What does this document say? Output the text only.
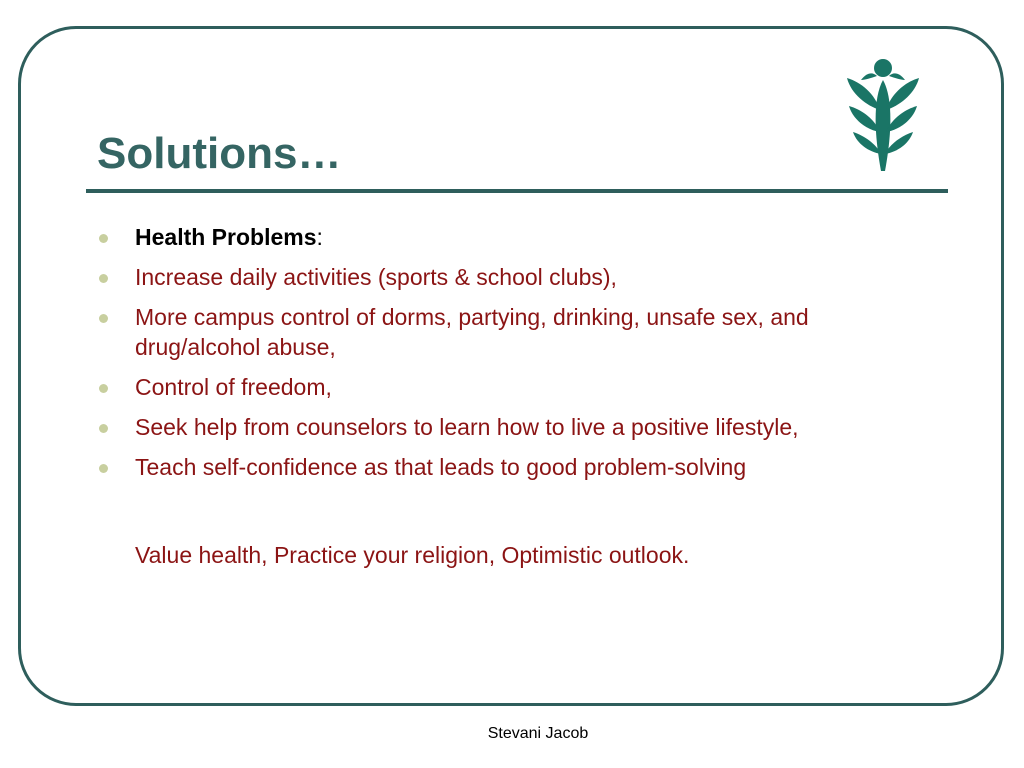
Solutions…
Health Problems:
Increase daily activities (sports & school clubs),
More campus control of dorms, partying, drinking, unsafe sex, and drug/alcohol abuse,
Control of freedom,
Seek help from counselors to learn how to live a positive lifestyle,
Teach self-confidence as that leads to good problem-solving

Value health, Practice your religion, Optimistic outlook.

Stevani Jacob
